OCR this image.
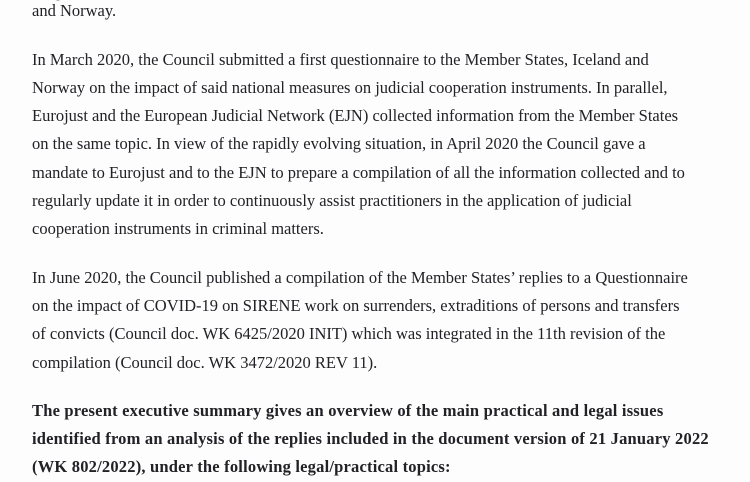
and Norway.

In March 2020, the Council submitted a first questionnaire to the Member States, Iceland and
Norway on the impact of said national measures on judicial cooperation instruments. In parallel,
Eurojust and the European Judicial Network (EJN) collected information from the Member States
on the same topic. In view of the rapidly evolving situation, in April 2020 the Council gave a
mandate to Eurojust and to the EJN to prepare a compilation of all the information collected and to
regularly update it in order to continuously assist practitioners in the application of judicial
cooperation instruments in criminal matters.

In June 2020, the Council published a compilation of the Member States’ replies to a Questionnaire
on the impact of COVID-19 on SIRENE work on surrenders, extraditions of persons and transfers
of convicts (Council doc. WK 6425/2020 INIT) which was integrated in the 11th revision of the
compilation (Council doc. WK 3472/2020 REV 11).

The present executive summary gives an overview of the main practical and legal issues
identified from an analysis of the replies included in the document version of 21 January 2022
(WK 802/2022), under the following legal/practical topics:
